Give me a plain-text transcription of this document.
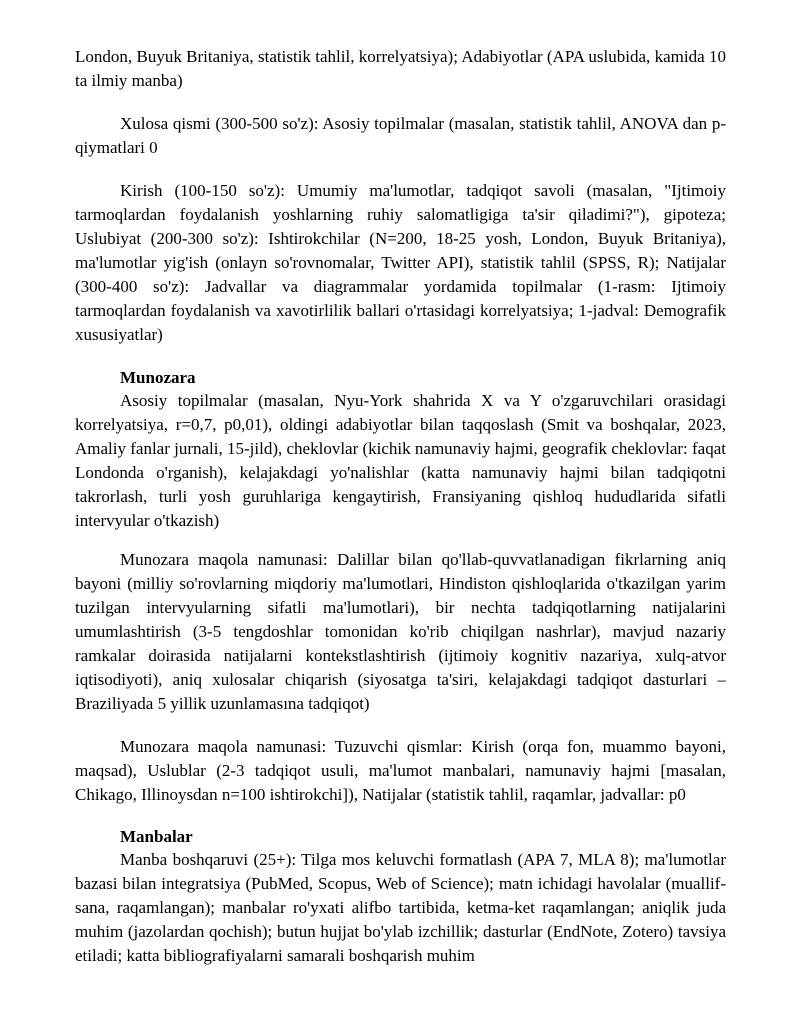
London, Buyuk Britaniya, statistik tahlil, korrelyatsiya); Adabiyotlar (APA uslubida, kamida 10 ta ilmiy manba)

Xulosa qismi (300-500 so'z): Asosiy topilmalar (masalan, statistik tahlil, ANOVA dan p-qiymatlari 0

Kirish (100-150 so'z): Umumiy ma'lumotlar, tadqiqot savoli (masalan, "Ijtimoiy tarmoqlardan foydalanish yoshlarning ruhiy salomatligiga ta'sir qiladimi?"), gipoteza; Uslubiyat (200-300 so'z): Ishtirokchilar (N=200, 18-25 yosh, London, Buyuk Britaniya), ma'lumotlar yig'ish (onlayn so'rovnomalar, Twitter API), statistik tahlil (SPSS, R); Natijalar (300-400 so'z): Jadvallar va diagrammalar yordamida topilmalar (1-rasm: Ijtimoiy tarmoqlardan foydalanish va xavotirlilik ballari o'rtasidagi korrelyatsiya; 1-jadval: Demografik xususiyatlar)

Munozara

Asosiy topilmalar (masalan, Nyu-York shahrida X va Y o'zgaruvchilari orasidagi korrelyatsiya, r=0,7, p0,01), oldingi adabiyotlar bilan taqqoslash (Smit va boshqalar, 2023, Amaliy fanlar jurnali, 15-jild), cheklovlar (kichik namunaviy hajmi, geografik cheklovlar: faqat Londonda o'rganish), kelajakdagi yo'nalishlar (katta namunaviy hajmi bilan tadqiqotni takrorlash, turli yosh guruhlariga kengaytirish, Fransiyaning qishloq hududlarida sifatli intervyular o'tkazish)

Munozara maqola namunasi: Dalillar bilan qo'llab-quvvatlanadigan fikrlarning aniq bayoni (milliy so'rovlarning miqdoriy ma'lumotlari, Hindiston qishloqlarida o'tkazilgan yarim tuzilgan intervyularning sifatli ma'lumotlari), bir nechta tadqiqotlarning natijalarini umumlashtirish (3-5 tengdoshlar tomonidan ko'rib chiqilgan nashrlar), mavjud nazariy ramkalar doirasida natijalarni kontekstlashtirish (ijtimoiy kognitiv nazariya, xulq-atvor iqtisodiyoti), aniq xulosalar chiqarish (siyosatga ta'siri, kelajakdagi tadqiqot dasturlari – Braziliyada 5 yillik uzunlamasına tadqiqot)

Munozara maqola namunasi: Tuzuvchi qismlar: Kirish (orqa fon, muammo bayoni, maqsad), Uslublar (2-3 tadqiqot usuli, ma'lumot manbalari, namunaviy hajmi [masalan, Chikago, Illinoysdan n=100 ishtirokchi]), Natijalar (statistik tahlil, raqamlar, jadvallar: p0

Manbalar

Manba boshqaruvi (25+): Tilga mos keluvchi formatlash (APA 7, MLA 8); ma'lumotlar bazasi bilan integratsiya (PubMed, Scopus, Web of Science); matn ichidagi havolalar (muallif-sana, raqamlangan); manbalar ro'yxati alifbo tartibida, ketma-ket raqamlangan; aniqlik juda muhim (jazolardan qochish); butun hujjat bo'ylab izchillik; dasturlar (EndNote, Zotero) tavsiya etiladi; katta bibliografiyalarni samarali boshqarish muhim
